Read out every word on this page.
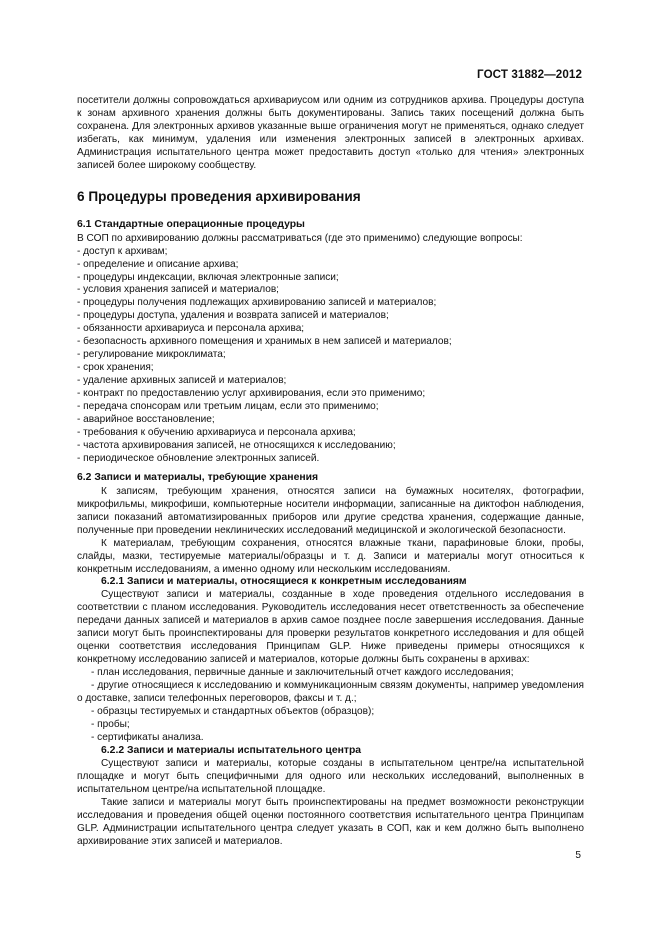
ГОСТ 31882—2012

посетители должны сопровождаться архивариусом или одним из сотрудников архива. Процедуры доступа к зонам архивного хранения должны быть документированы. Запись таких посещений должна быть сохранена. Для электронных архивов указанные выше ограничения могут не применяться, однако следует избегать, как минимум, удаления или изменения электронных записей в электронных архивах. Администрация испытательного центра может предоставить доступ «только для чтения» электронных записей более широкому сообществу.

6 Процедуры проведения архивирования
6.1 Стандартные операционные процедуры

В СОП по архивированию должны рассматриваться (где это применимо) следующие вопросы:

- доступ к архивам;
- определение и описание архива;
- процедуры индексации, включая электронные записи;
- условия хранения записей и материалов;
- процедуры получения подлежащих архивированию записей и материалов;
- процедуры доступа, удаления и возврата записей и материалов;
- обязанности архивариуса и персонала архива;
- безопасность архивного помещения и хранимых в нем записей и материалов;
- регулирование микроклимата;
- срок хранения;
- удаление архивных записей и материалов;
- контракт по предоставлению услуг архивирования, если это применимо;
- передача спонсорам или третьим лицам, если это применимо;
- аварийное восстановление;
- требования к обучению архивариуса и персонала архива;
- частота архивирования записей, не относящихся к исследованию;
- периодическое обновление электронных записей.
6.2 Записи и материалы, требующие хранения

К записям, требующим хранения, относятся записи на бумажных носителях, фотографии, микрофильмы, микрофиши, компьютерные носители информации, записанные на диктофон наблюдения, записи показаний автоматизированных приборов или другие средства хранения, содержащие данные, полученные при проведении неклинических исследований медицинской и экологической безопасности.

К материалам, требующим сохранения, относятся влажные ткани, парафиновые блоки, пробы, слайды, мазки, тестируемые материалы/образцы и т. д. Записи и материалы могут относиться к конкретным исследованиям, а именно одному или нескольким исследованиям.

6.2.1 Записи и материалы, относящиеся к конкретным исследованиям

Существуют записи и материалы, созданные в ходе проведения отдельного исследования в соответствии с планом исследования. Руководитель исследования несет ответственность за обеспечение передачи данных записей и материалов в архив самое позднее после завершения исследования. Данные записи могут быть проинспектированы для проверки результатов конкретного исследования и для общей оценки соответствия исследования Принципам GLP. Ниже приведены примеры относящихся к конкретному исследованию записей и материалов, которые должны быть сохранены в архивах:

- план исследования, первичные данные и заключительный отчет каждого исследования;
- другие относящиеся к исследованию и коммуникационным связям документы, например уведомления о доставке, записи телефонных переговоров, факсы и т. д.;
- образцы тестируемых и стандартных объектов (образцов);
- пробы;
- сертификаты анализа.
6.2.2 Записи и материалы испытательного центра

Существуют записи и материалы, которые созданы в испытательном центре/на испытательной площадке и могут быть специфичными для одного или нескольких исследований, выполненных в испытательном центре/на испытательной площадке.

Такие записи и материалы могут быть проинспектированы на предмет возможности реконструкции исследования и проведения общей оценки постоянного соответствия испытательного центра Принципам GLP. Администрации испытательного центра следует указать в СОП, как и кем должно быть выполнено архивирование этих записей и материалов.

5
